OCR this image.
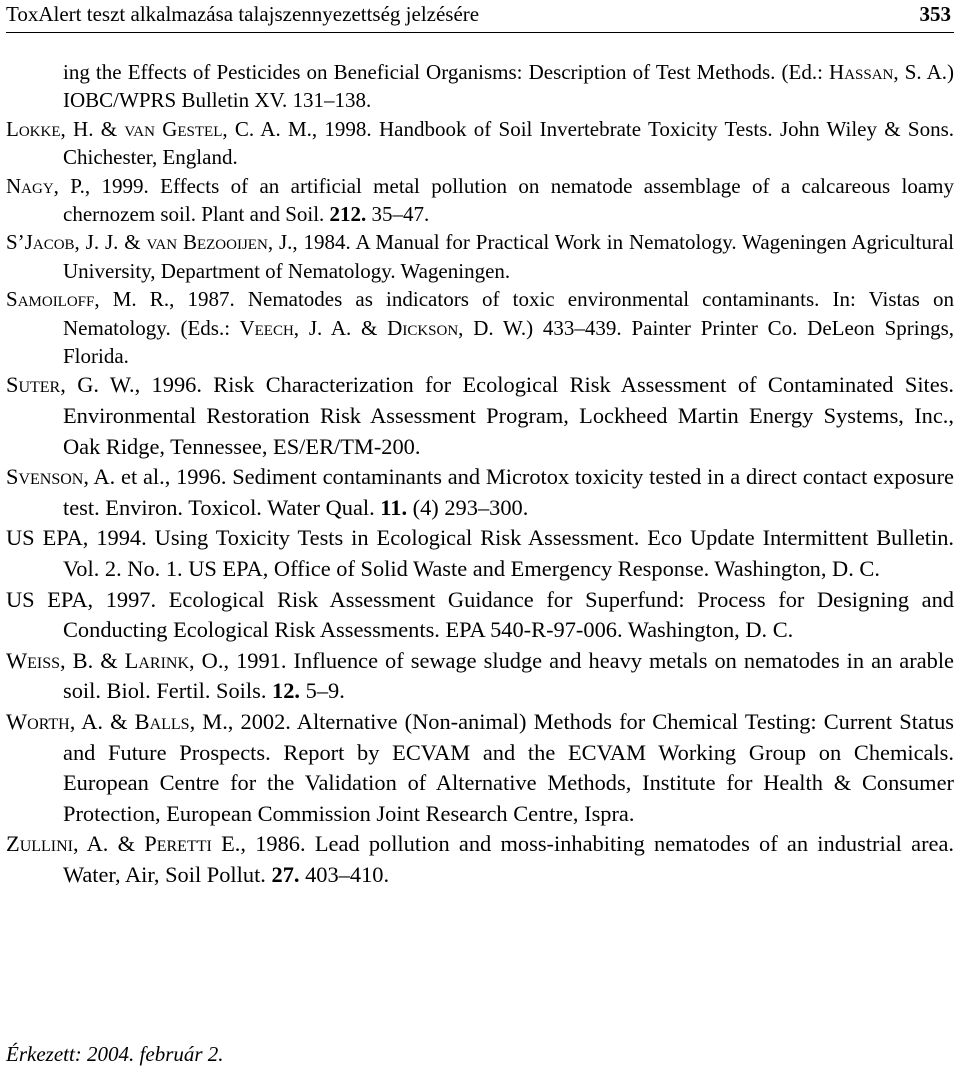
ToxAlert teszt alkalmazása talajszennyezettség jelzésére	353

ing the Effects of Pesticides on Beneficial Organisms: Description of Test Methods. (Ed.: Hassan, S. A.) IOBC/WPRS Bulletin XV. 131–138.

Lokke, H. & van Gestel, C. A. M., 1998. Handbook of Soil Invertebrate Toxicity Tests. John Wiley & Sons. Chichester, England.

Nagy, P., 1999. Effects of an artificial metal pollution on nematode assemblage of a calcareous loamy chernozem soil. Plant and Soil. 212. 35–47.

S’Jacob, J. J. & van Bezooijen, J., 1984. A Manual for Practical Work in Nematology. Wageningen Agricultural University, Department of Nematology. Wageningen.

Samoiloff, M. R., 1987. Nematodes as indicators of toxic environmental contaminants. In: Vistas on Nematology. (Eds.: Veech, J. A. & Dickson, D. W.) 433–439. Painter Printer Co. DeLeon Springs, Florida.

Suter, G. W., 1996. Risk Characterization for Ecological Risk Assessment of Contaminated Sites. Environmental Restoration Risk Assessment Program, Lockheed Martin Energy Systems, Inc., Oak Ridge, Tennessee, ES/ER/TM-200.

Svenson, A. et al., 1996. Sediment contaminants and Microtox toxicity tested in a direct contact exposure test. Environ. Toxicol. Water Qual. 11. (4) 293–300.

US EPA, 1994. Using Toxicity Tests in Ecological Risk Assessment. Eco Update Intermittent Bulletin. Vol. 2. No. 1. US EPA, Office of Solid Waste and Emergency Response. Washington, D. C.

US EPA, 1997. Ecological Risk Assessment Guidance for Superfund: Process for Designing and Conducting Ecological Risk Assessments. EPA 540-R-97-006. Washington, D. C.

Weiss, B. & Larink, O., 1991. Influence of sewage sludge and heavy metals on nematodes in an arable soil. Biol. Fertil. Soils. 12. 5–9.

Worth, A. & Balls, M., 2002. Alternative (Non-animal) Methods for Chemical Testing: Current Status and Future Prospects. Report by ECVAM and the ECVAM Working Group on Chemicals. European Centre for the Validation of Alternative Methods, Institute for Health & Consumer Protection, European Commission Joint Research Centre, Ispra.

Zullini, A. & Peretti E., 1986. Lead pollution and moss-inhabiting nematodes of an industrial area. Water, Air, Soil Pollut. 27. 403–410.

Érkezett: 2004. február 2.
